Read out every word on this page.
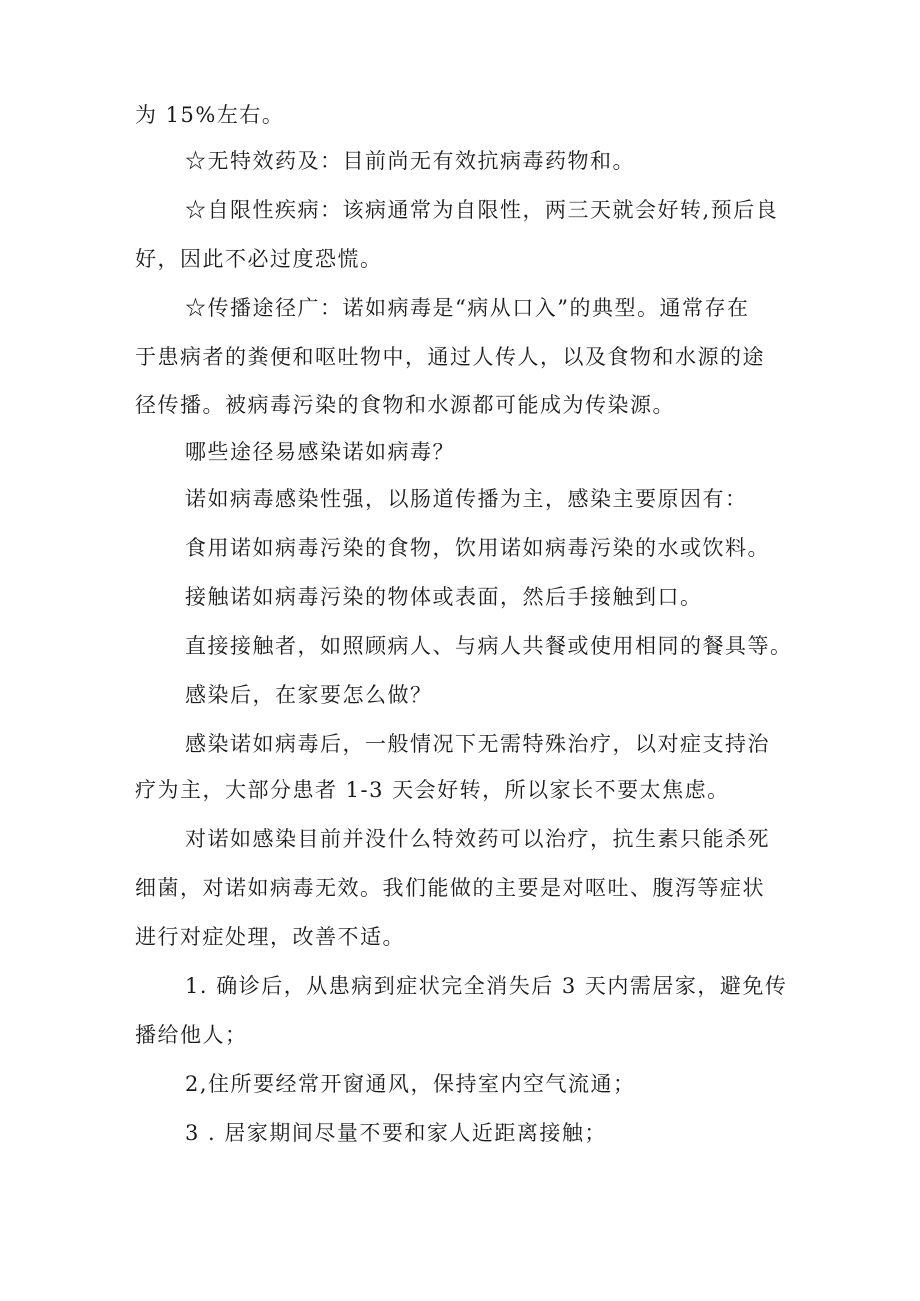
为 15%左右。
☆无特效药及：目前尚无有效抗病毒药物和。
☆自限性疾病：该病通常为自限性，两三天就会好转,预后良
好，因此不必过度恐慌。
☆传播途径广：诺如病毒是“病从口入”的典型。通常存在
于患病者的粪便和呕吐物中，通过人传人，以及食物和水源的途
径传播。被病毒污染的食物和水源都可能成为传染源。
哪些途径易感染诺如病毒？
诺如病毒感染性强，以肠道传播为主，感染主要原因有：
食用诺如病毒污染的食物，饮用诺如病毒污染的水或饮料。
接触诺如病毒污染的物体或表面，然后手接触到口。
直接接触者，如照顾病人、与病人共餐或使用相同的餐具等。
感染后，在家要怎么做？
感染诺如病毒后，一般情况下无需特殊治疗，以对症支持治
疗为主，大部分患者 1-3 天会好转，所以家长不要太焦虑。
对诺如感染目前并没什么特效药可以治疗，抗生素只能杀死
细菌，对诺如病毒无效。我们能做的主要是对呕吐、腹泻等症状
进行对症处理，改善不适。
1. 确诊后，从患病到症状完全消失后 3 天内需居家，避免传
播给他人；
2,住所要经常开窗通风，保持室内空气流通；
3 . 居家期间尽量不要和家人近距离接触；
